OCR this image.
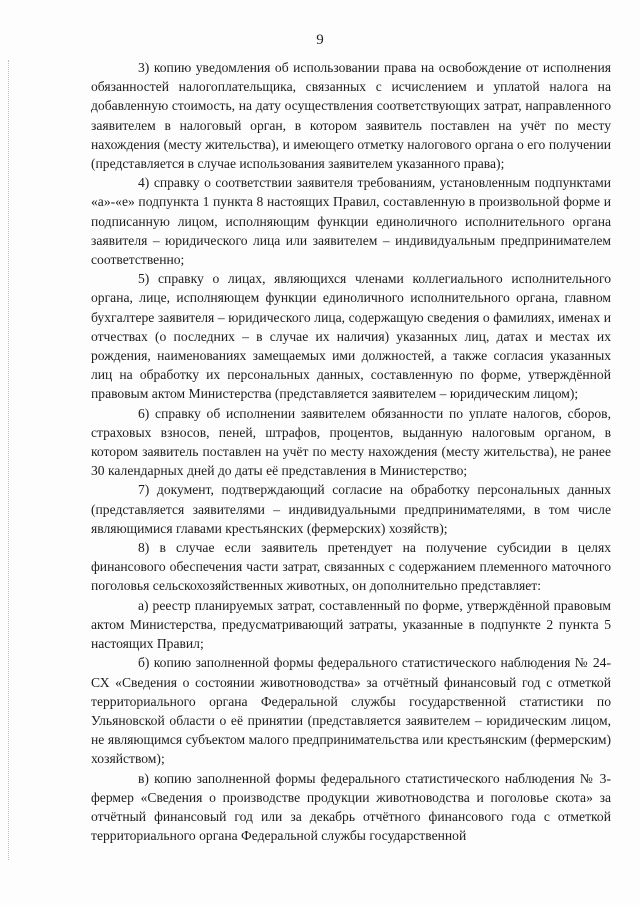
9

3) копию уведомления об использовании права на освобождение от исполнения обязанностей налогоплательщика, связанных с исчислением и уплатой налога на добавленную стоимость, на дату осуществления соответствующих затрат, направленного заявителем в налоговый орган, в котором заявитель поставлен на учёт по месту нахождения (месту жительства), и имеющего отметку налогового органа о его получении (представляется в случае использования заявителем указанного права);

4) справку о соответствии заявителя требованиям, установленным подпунктами «а»-«е» подпункта 1 пункта 8 настоящих Правил, составленную в произвольной форме и подписанную лицом, исполняющим функции единоличного исполнительного органа заявителя – юридического лица или заявителем – индивидуальным предпринимателем соответственно;

5) справку о лицах, являющихся членами коллегиального исполнительного органа, лице, исполняющем функции единоличного исполнительного органа, главном бухгалтере заявителя – юридического лица, содержащую сведения о фамилиях, именах и отчествах (о последних – в случае их наличия) указанных лиц, датах и местах их рождения, наименованиях замещаемых ими должностей, а также согласия указанных лиц на обработку их персональных данных, составленную по форме, утверждённой правовым актом Министерства (представляется заявителем – юридическим лицом);

6) справку об исполнении заявителем обязанности по уплате налогов, сборов, страховых взносов, пеней, штрафов, процентов, выданную налоговым органом, в котором заявитель поставлен на учёт по месту нахождения (месту жительства), не ранее 30 календарных дней до даты её представления в Министерство;

7) документ, подтверждающий согласие на обработку персональных данных (представляется заявителями – индивидуальными предпринимателями, в том числе являющимися главами крестьянских (фермерских) хозяйств);

8) в случае если заявитель претендует на получение субсидии в целях финансового обеспечения части затрат, связанных с содержанием племенного маточного поголовья сельскохозяйственных животных, он дополнительно представляет:

а) реестр планируемых затрат, составленный по форме, утверждённой правовым актом Министерства, предусматривающий затраты, указанные в подпункте 2 пункта 5 настоящих Правил;

б) копию заполненной формы федерального статистического наблюдения № 24-СХ «Сведения о состоянии животноводства» за отчётный финансовый год с отметкой территориального органа Федеральной службы государственной статистики по Ульяновской области о её принятии (представляется заявителем – юридическим лицом, не являющимся субъектом малого предпринимательства или крестьянским (фермерским) хозяйством);

в) копию заполненной формы федерального статистического наблюдения № 3-фермер «Сведения о производстве продукции животноводства и поголовье скота» за отчётный финансовый год или за декабрь отчётного финансового года с отметкой территориального органа Федеральной службы государственной
